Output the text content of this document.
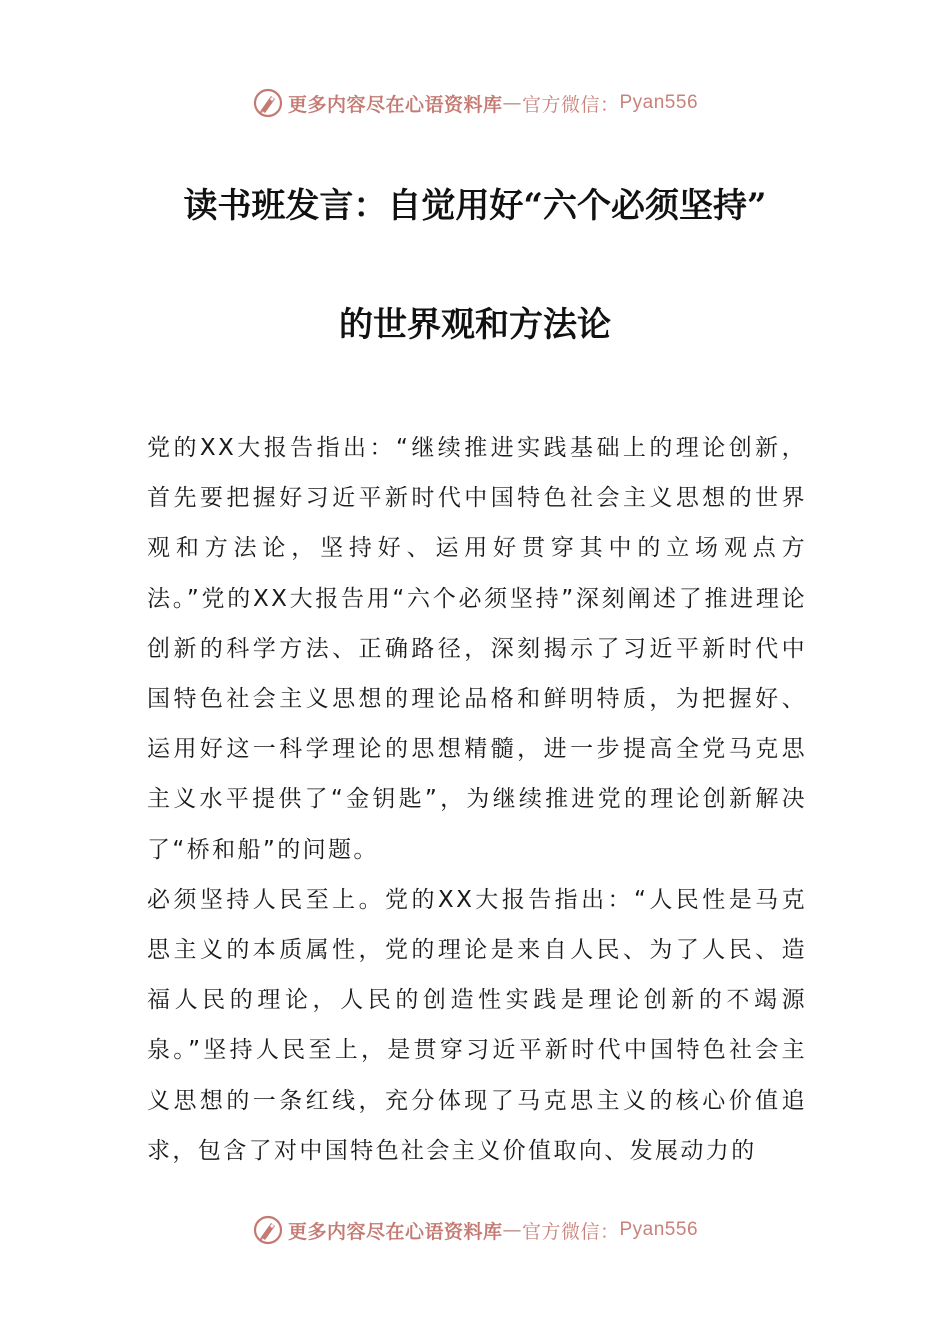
更多内容尽在心语资料库 — 官方微信： Pyan556
读书班发言：自觉用好“六个必须坚持”
的世界观和方法论

党的XX大报告指出：“继续推进实践基础上的理论创新，首先要把握好习近平新时代中国特色社会主义思想的世界观和方法论，坚持好、运用好贯穿其中的立场观点方法。”党的XX大报告用“六个必须坚持”深刻阐述了推进理论创新的科学方法、正确路径，深刻揭示了习近平新时代中国特色社会主义思想的理论品格和鲜明特质，为把握好、运用好这一科学理论的思想精髓，进一步提高全党马克思主义水平提供了“金钥匙”，为继续推进党的理论创新解决了“桥和船”的问题。

必须坚持人民至上。党的XX大报告指出：“人民性是马克思主义的本质属性，党的理论是来自人民、为了人民、造福人民的理论，人民的创造性实践是理论创新的不竭源泉。”坚持人民至上，是贯穿习近平新时代中国特色社会主义思想的一条红线，充分体现了马克思主义的核心价值追求，包含了对中国特色社会主义价值取向、发展动力的

更多内容尽在心语资料库 — 官方微信： Pyan556
